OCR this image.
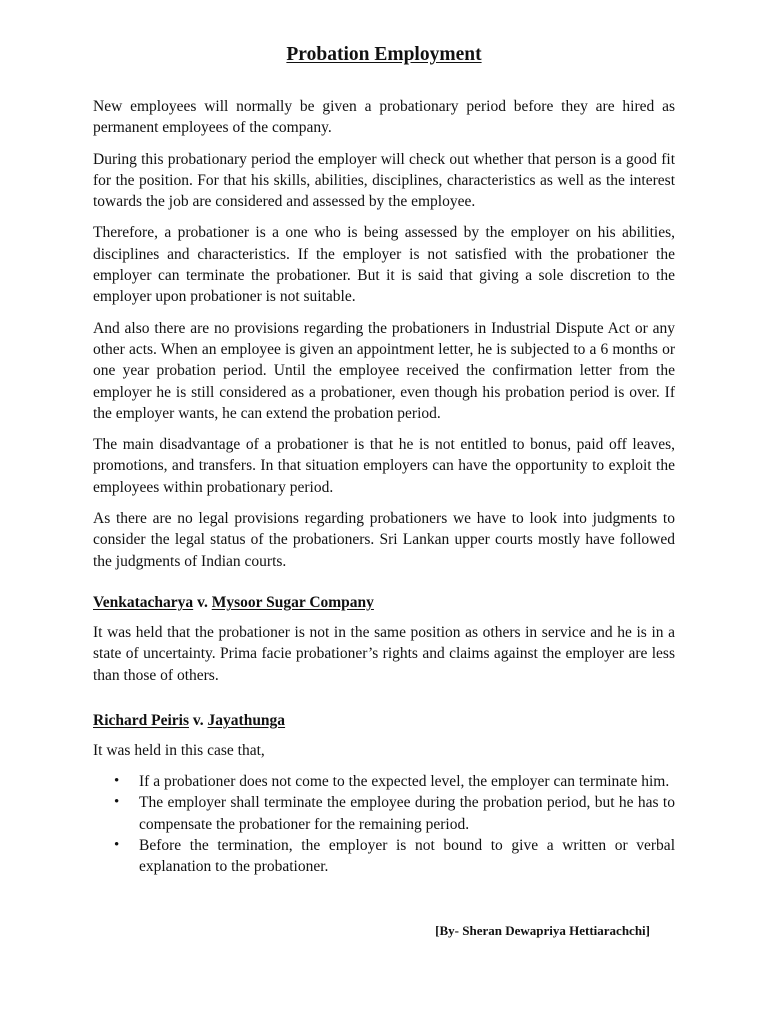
Probation Employment

New employees will normally be given a probationary period before they are hired as permanent employees of the company.

During this probationary period the employer will check out whether that person is a good fit for the position. For that his skills, abilities, disciplines, characteristics as well as the interest towards the job are considered and assessed by the employee.

Therefore, a probationer is a one who is being assessed by the employer on his abilities, disciplines and characteristics. If the employer is not satisfied with the probationer the employer can terminate the probationer. But it is said that giving a sole discretion to the employer upon probationer is not suitable.

And also there are no provisions regarding the probationers in Industrial Dispute Act or any other acts. When an employee is given an appointment letter, he is subjected to a 6 months or one year probation period. Until the employee received the confirmation letter from the employer he is still considered as a probationer, even though his probation period is over. If the employer wants, he can extend the probation period.

The main disadvantage of a probationer is that he is not entitled to bonus, paid off leaves, promotions, and transfers. In that situation employers can have the opportunity to exploit the employees within probationary period.

As there are no legal provisions regarding probationers we have to look into judgments to consider the legal status of the probationers. Sri Lankan upper courts mostly have followed the judgments of Indian courts.

Venkatacharya v. Mysoor Sugar Company

It was held that the probationer is not in the same position as others in service and he is in a state of uncertainty. Prima facie probationer’s rights and claims against the employer are less than those of others.

Richard Peiris v. Jayathunga

It was held in this case that,

• If a probationer does not come to the expected level, the employer can terminate him.
• The employer shall terminate the employee during the probation period, but he has to compensate the probationer for the remaining period.
• Before the termination, the employer is not bound to give a written or verbal explanation to the probationer.
[By- Sheran Dewapriya Hettiarachchi]
